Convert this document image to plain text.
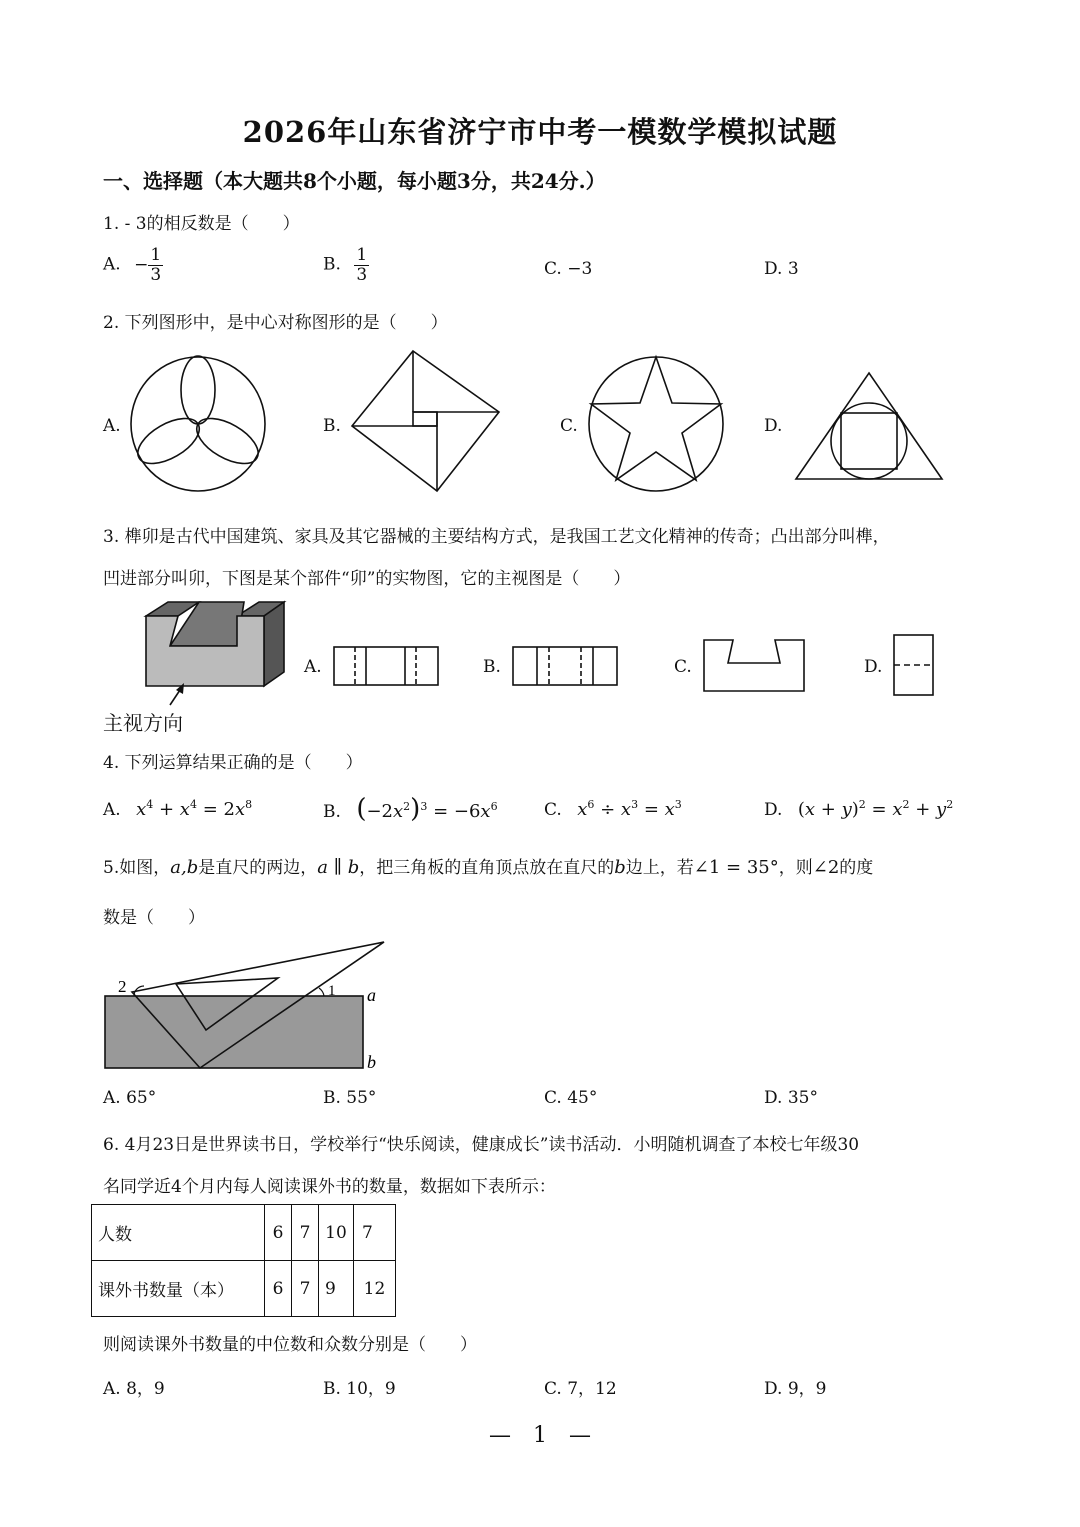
2026年山东省济宁市中考一模数学模拟试题
一、选择题（本大题共8个小题，每小题3分，共24分.）
1. ‐ 3的相反数是（　　）
A. − $\frac{1}{3}$	B. $\frac{1}{3}$	C. −3	D. 3
2. 下列图形中，是中心对称图形的是（　　）
A.	B.	C.	D.
3. 榫卯是古代中国建筑、家具及其它器械的主要结构方式，是我国工艺文化精神的传奇；凸出部分叫榫，
凹进部分叫卯，下图是某个部件“卯”的实物图，它的主视图是（　　）
主视方向
A.	B.	C.	D.
4. 下列运算结果正确的是（　　）
A. $x^4 + x^4 = 2x^8$	B. $(-2x^2)^3 = -6x^6$	C. $x^6 \div x^3 = x^3$	D. $(x + y)^2 = x^2 + y^2$
5.如图，a,b是直尺的两边，a ∥ b，把三角板的直角顶点放在直尺的b边上，若∠1 = 35°，则∠2的度
数是（　　）
2	1 a
b
A. 65°	B. 55°	C. 45°	D. 35°
6. 4月23日是世界读书日，学校举行“快乐阅读，健康成长”读书活动．小明随机调查了本校七年级30
名同学近4个月内每人阅读课外书的数量，数据如下表所示：
人数	6	7	10	7
课外书数量（本）	6	7	9	12
则阅读课外书数量的中位数和众数分别是（　　）
A. 8，9	B. 10，9	C. 7，12	D. 9，9
—　1　—
